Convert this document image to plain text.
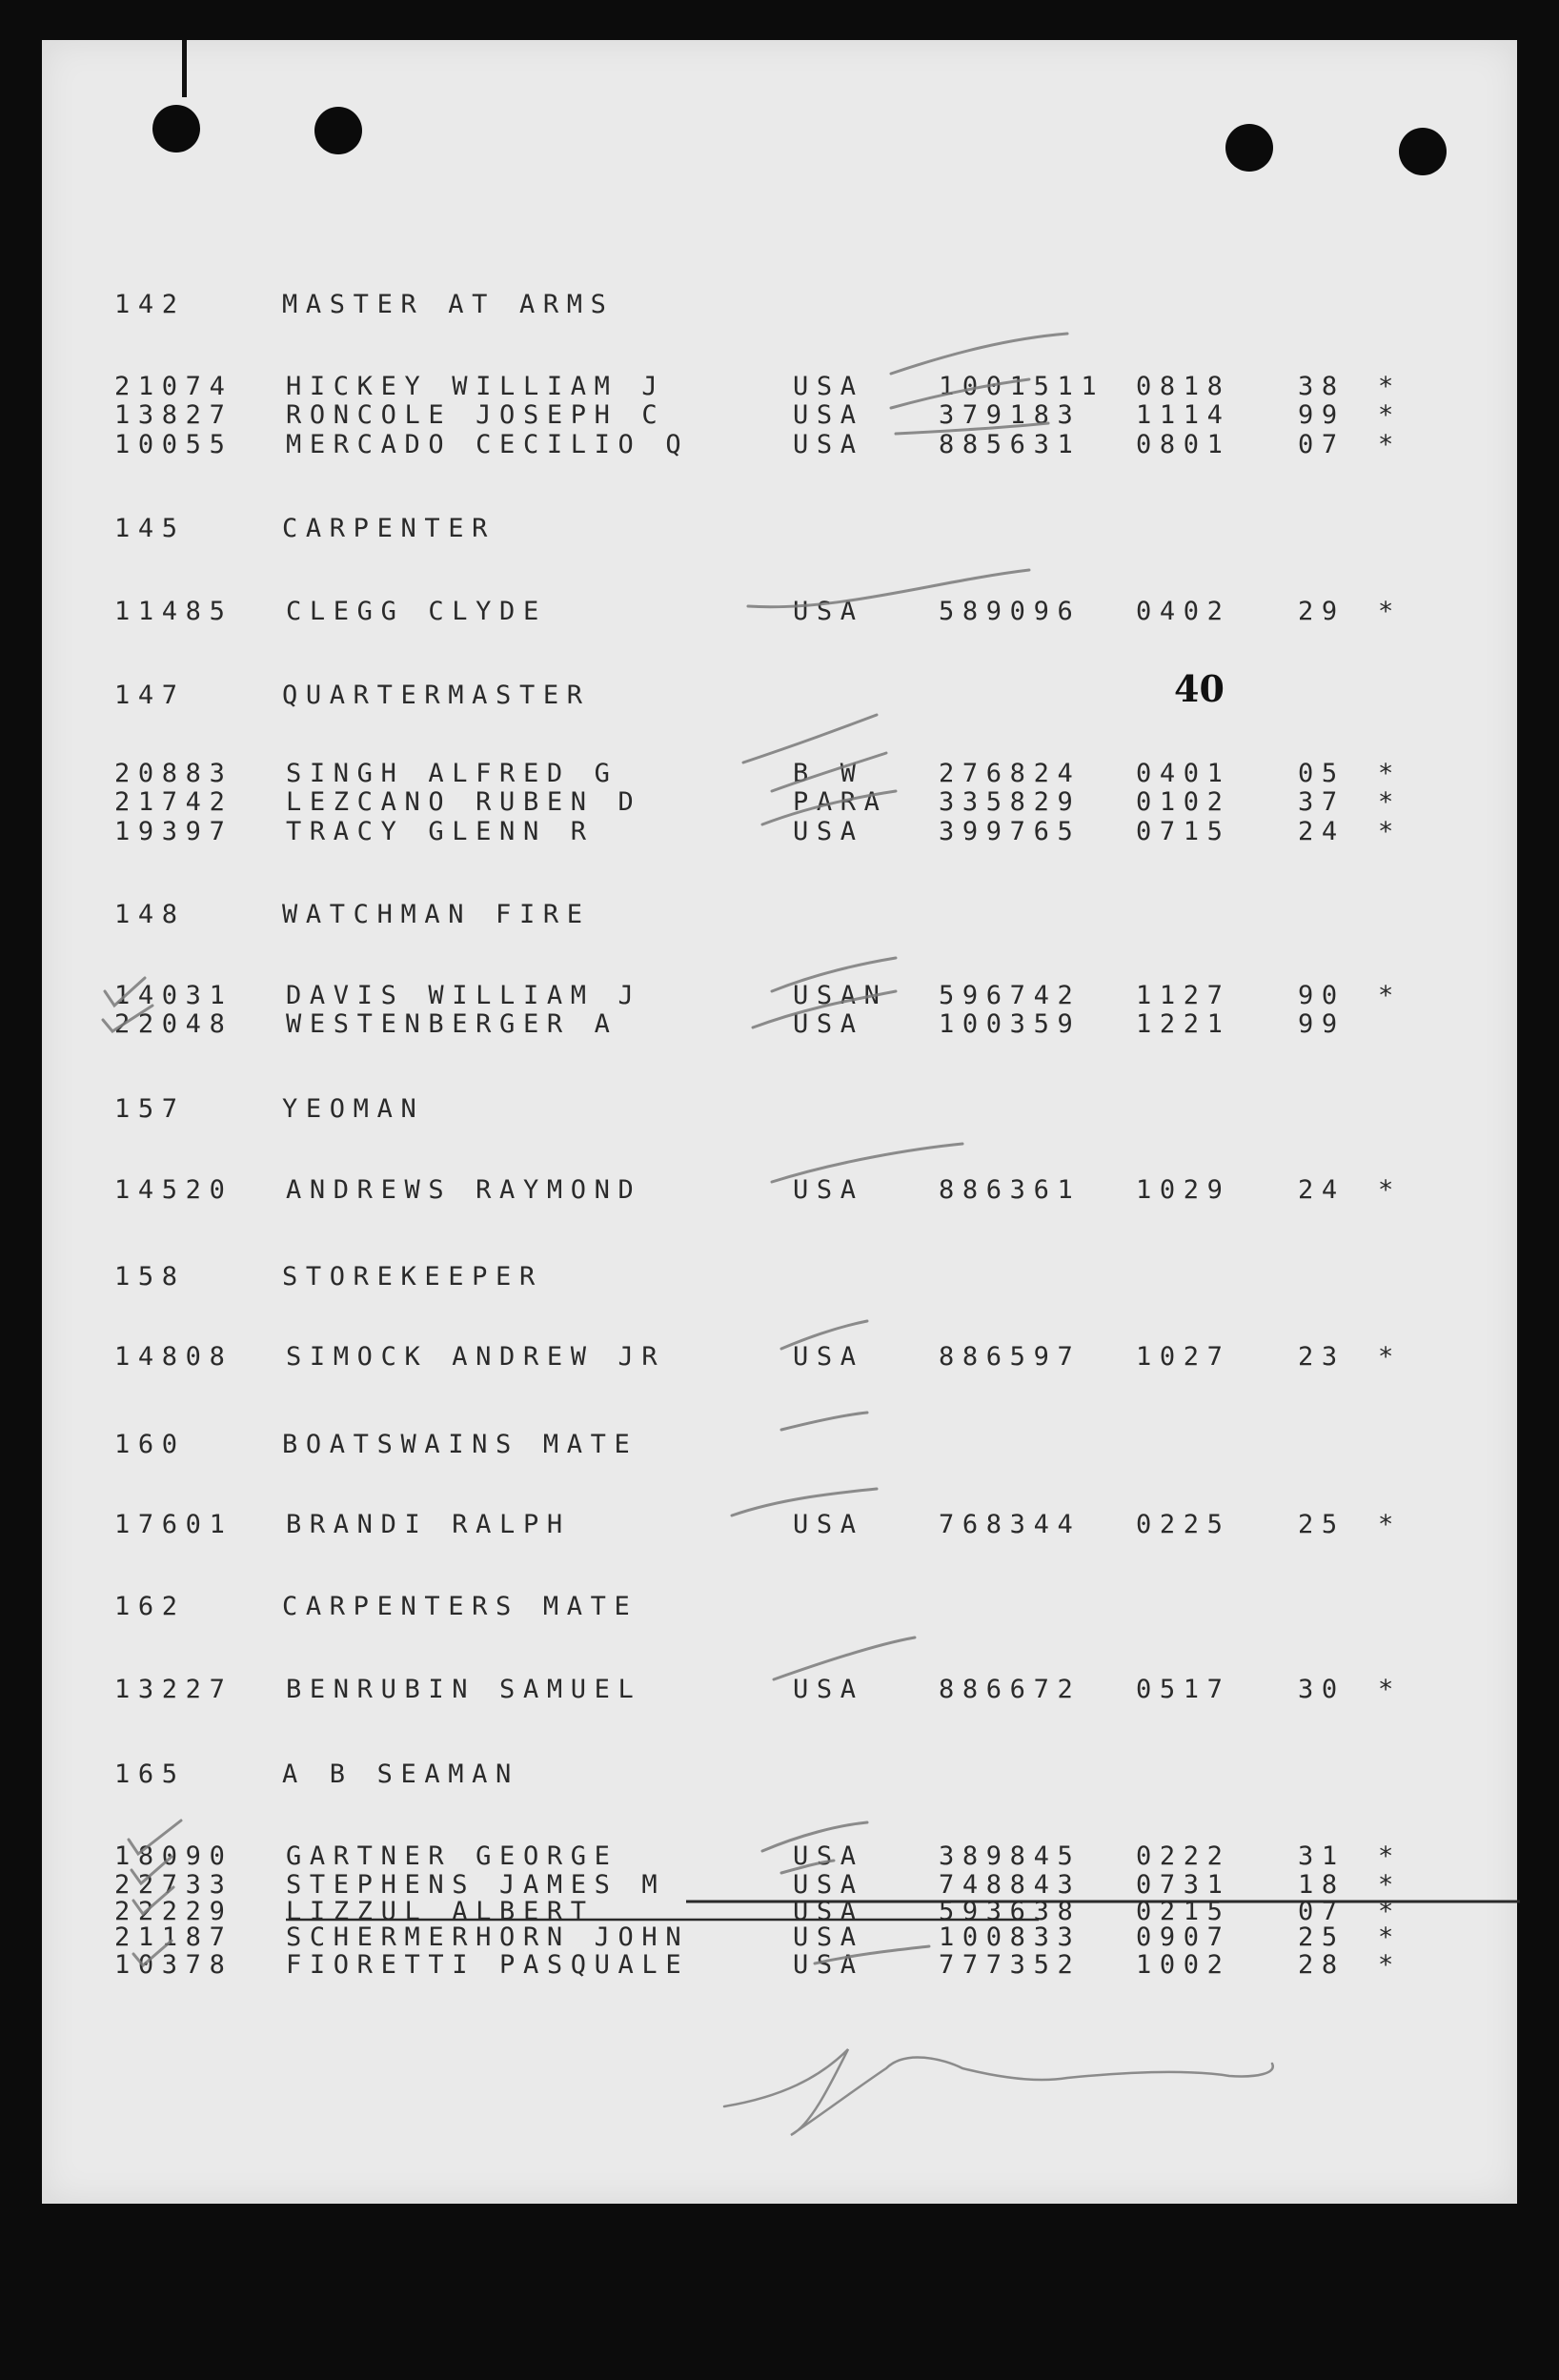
142	MASTER AT ARMS
21074 HICKEY WILLIAM J	USA	1001511 0818	38 *
13827 RONCOLE JOSEPH C	USA	379183 1114	99 *
10055 MERCADO CECILIO Q	USA	885631 0801	07 *
145	CARPENTER
11485 CLEGG CLYDE	USA	589096 0402	29 *
147	QUARTERMASTER
20883 SINGH ALFRED G	B W	276824 0401	05 *
21742 LEZCANO RUBEN D	PARA 335829 0102	37 *
19397 TRACY GLENN R	USA	399765 0715	24 *
148	WATCHMAN FIRE
14031 DAVIS WILLIAM J	USAN 596742 1127	90 *
22048 WESTENBERGER A	USA	100359 1221	99
157	YEOMAN
14520 ANDREWS RAYMOND	USA	886361 1029	24 *
158	STOREKEEPER
14808 SIMOCK ANDREW JR	USA	886597 1027	23 *
160	BOATSWAINS MATE
17601 BRANDI RALPH	USA	768344 0225	25 *
162	CARPENTERS MATE
13227 BENRUBIN SAMUEL	USA	886672 0517	30 *
165	A B SEAMAN
18090 GARTNER GEORGE	USA	389845 0222	31 *
22733 STEPHENS JAMES M	USA	748843 0731	18 *
22229 LIZZUL ALBERT	USA	593638 0215	07 *
21187 SCHERMERHORN JOHN	USA	100833 0907	25 *
10378 FIORETTI PASQUALE	USA	777352 1002	28 *
40
